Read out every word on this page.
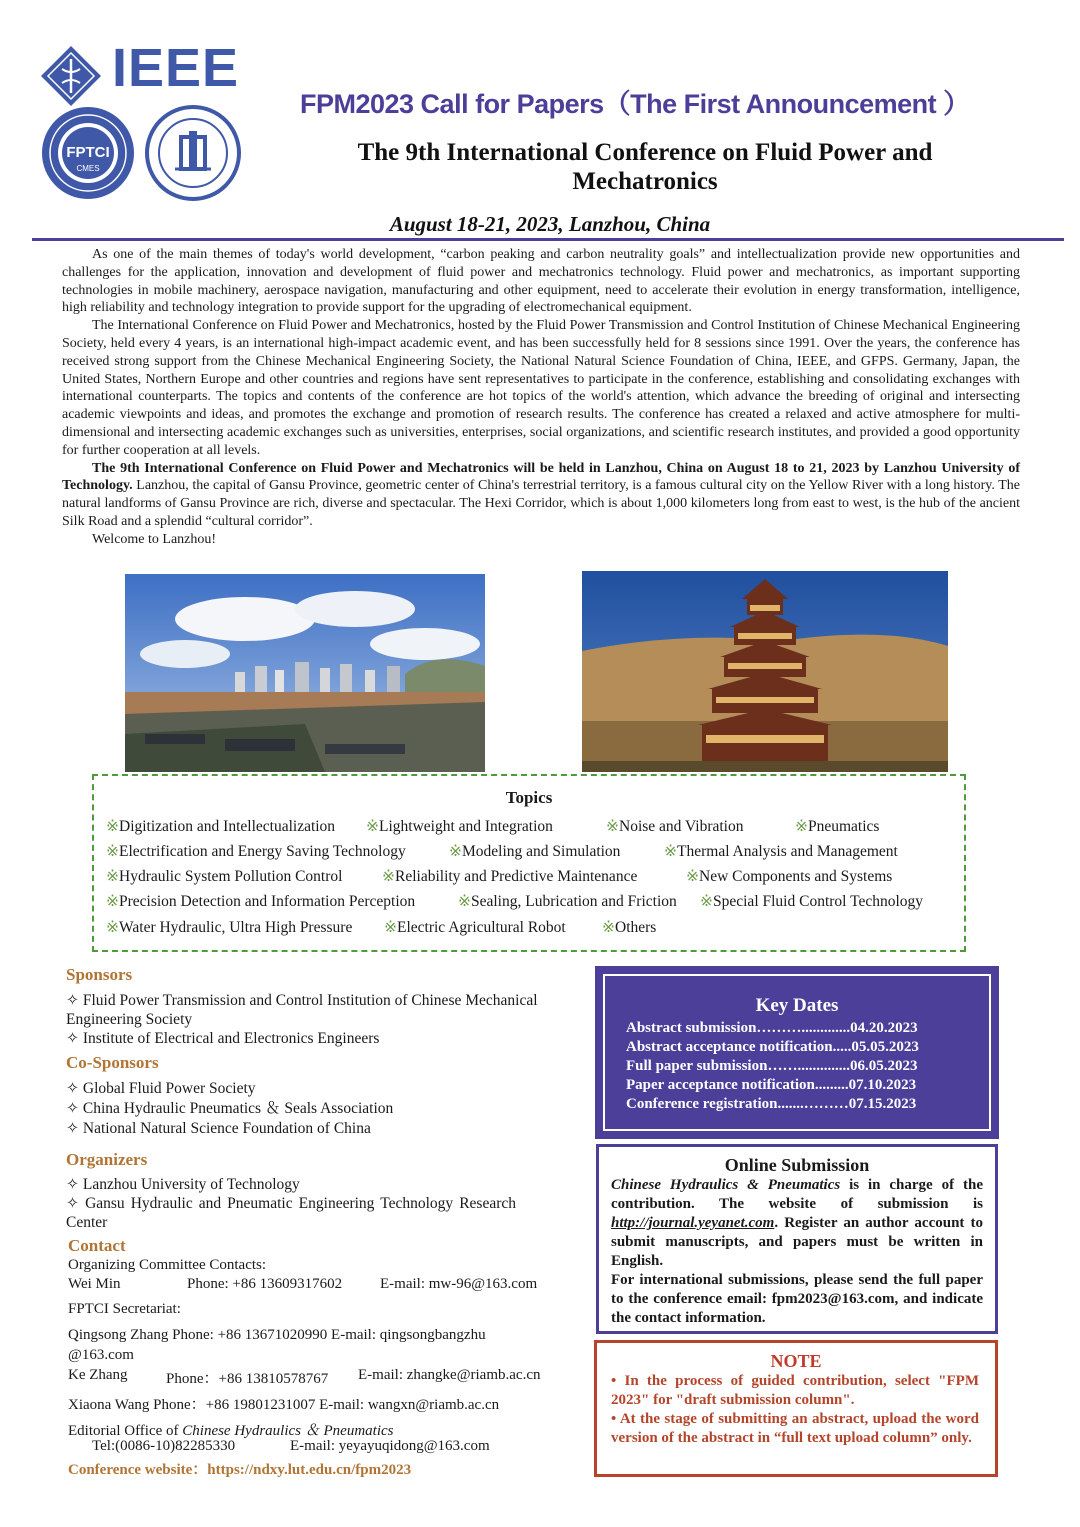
IEEE
FPTCI
CMES
FPM2023 Call for Papers（The First Announcement ）
The 9th International Conference on Fluid Power and Mechatronics
August 18-21, 2023, Lanzhou, China

As one of the main themes of today's world development, “carbon peaking and carbon neutrality goals” and intellectualization provide new opportunities and challenges for the application, innovation and development of fluid power and mechatronics technology. Fluid power and mechatronics, as important supporting technologies in mobile machinery, aerospace navigation, manufacturing and other equipment, need to accelerate their evolution in energy transformation, intelligence, high reliability and technology integration to provide support for the upgrading of electromechanical equipment.

The International Conference on Fluid Power and Mechatronics, hosted by the Fluid Power Transmission and Control Institution of Chinese Mechanical Engineering Society, held every 4 years, is an international high-impact academic event, and has been successfully held for 8 sessions since 1991. Over the years, the conference has received strong support from the Chinese Mechanical Engineering Society, the National Natural Science Foundation of China, IEEE, and GFPS. Germany, Japan, the United States, Northern Europe and other countries and regions have sent representatives to participate in the conference, establishing and consolidating exchanges with international counterparts. The topics and contents of the conference are hot topics of the world's attention, which advance the breeding of original and intersecting academic viewpoints and ideas, and promotes the exchange and promotion of research results. The conference has created a relaxed and active atmosphere for multi-dimensional and intersecting academic exchanges such as universities, enterprises, social organizations, and scientific research institutes, and provided a good opportunity for further cooperation at all levels.

The 9th International Conference on Fluid Power and Mechatronics will be held in Lanzhou, China on August 18 to 21, 2023 by Lanzhou University of Technology. Lanzhou, the capital of Gansu Province, geometric center of China's terrestrial territory, is a famous cultural city on the Yellow River with a long history. The natural landforms of Gansu Province are rich, diverse and spectacular. The Hexi Corridor, which is about 1,000 kilometers long from east to west, is the hub of the ancient Silk Road and a splendid “cultural corridor”.

Welcome to Lanzhou!

Topics
※Digitization and Intellectualization ※Lightweight and Integration	※Noise and Vibration	※Pneumatics
※Electrification and Energy Saving Technology	※Modeling and Simulation	※Thermal Analysis and Management
※Hydraulic System Pollution Control	※Reliability and Predictive Maintenance	※New Components and Systems
※Precision Detection and Information Perception	※Sealing, Lubrication and Friction ※Special Fluid Control Technology
※Water Hydraulic, Ultra High Pressure ※Electric Agricultural Robot ※Others
Sponsors
✧ Fluid Power Transmission and Control Institution of Chinese Mechanical Engineering Society
✧ Institute of Electrical and Electronics Engineers
Co-Sponsors
✧ Global Fluid Power Society
✧ China Hydraulic Pneumatics ＆ Seals Association
✧ National Natural Science Foundation of China
Organizers
✧ Lanzhou University of Technology
✧ Gansu Hydraulic and Pneumatic Engineering Technology Research Center
Contact
Organizing Committee Contacts:
Wei Min	Phone: +86 13609317602	E-mail: mw-96@163.com
FPTCI Secretariat:
Qingsong Zhang Phone: +86 13671020990 E-mail: qingsongbangzhu
@163.com
Ke Zhang	Phone：+86 13810578767 E-mail: zhangke@riamb.ac.cn
Xiaona Wang Phone：+86 19801231007 E-mail: wangxn@riamb.ac.cn
Editorial Office of Chinese Hydraulics ＆ Pneumatics
Tel:(0086-10)82285330	E-mail: yeyayuqidong@163.com
Conference website：https://ndxy.lut.edu.cn/fpm2023
Key Dates
Abstract submission……….............04.20.2023
Abstract acceptance notification.....05.05.2023
Full paper submission……..............06.05.2023
Paper acceptance notification.........07.10.2023
Conference registration.......………07.15.2023
Online Submission
Chinese Hydraulics & Pneumatics is in charge of the contribution. The website of submission is http://journal.yeyanet.com. Register an author account to submit manuscripts, and papers must be written in English.
For international submissions, please send the full paper to the conference email: fpm2023@163.com, and indicate the contact information.
NOTE

• In the process of guided contribution, select "FPM 2023" for "draft submission column".

• At the stage of submitting an abstract, upload the word version of the abstract in “full text upload column” only.
